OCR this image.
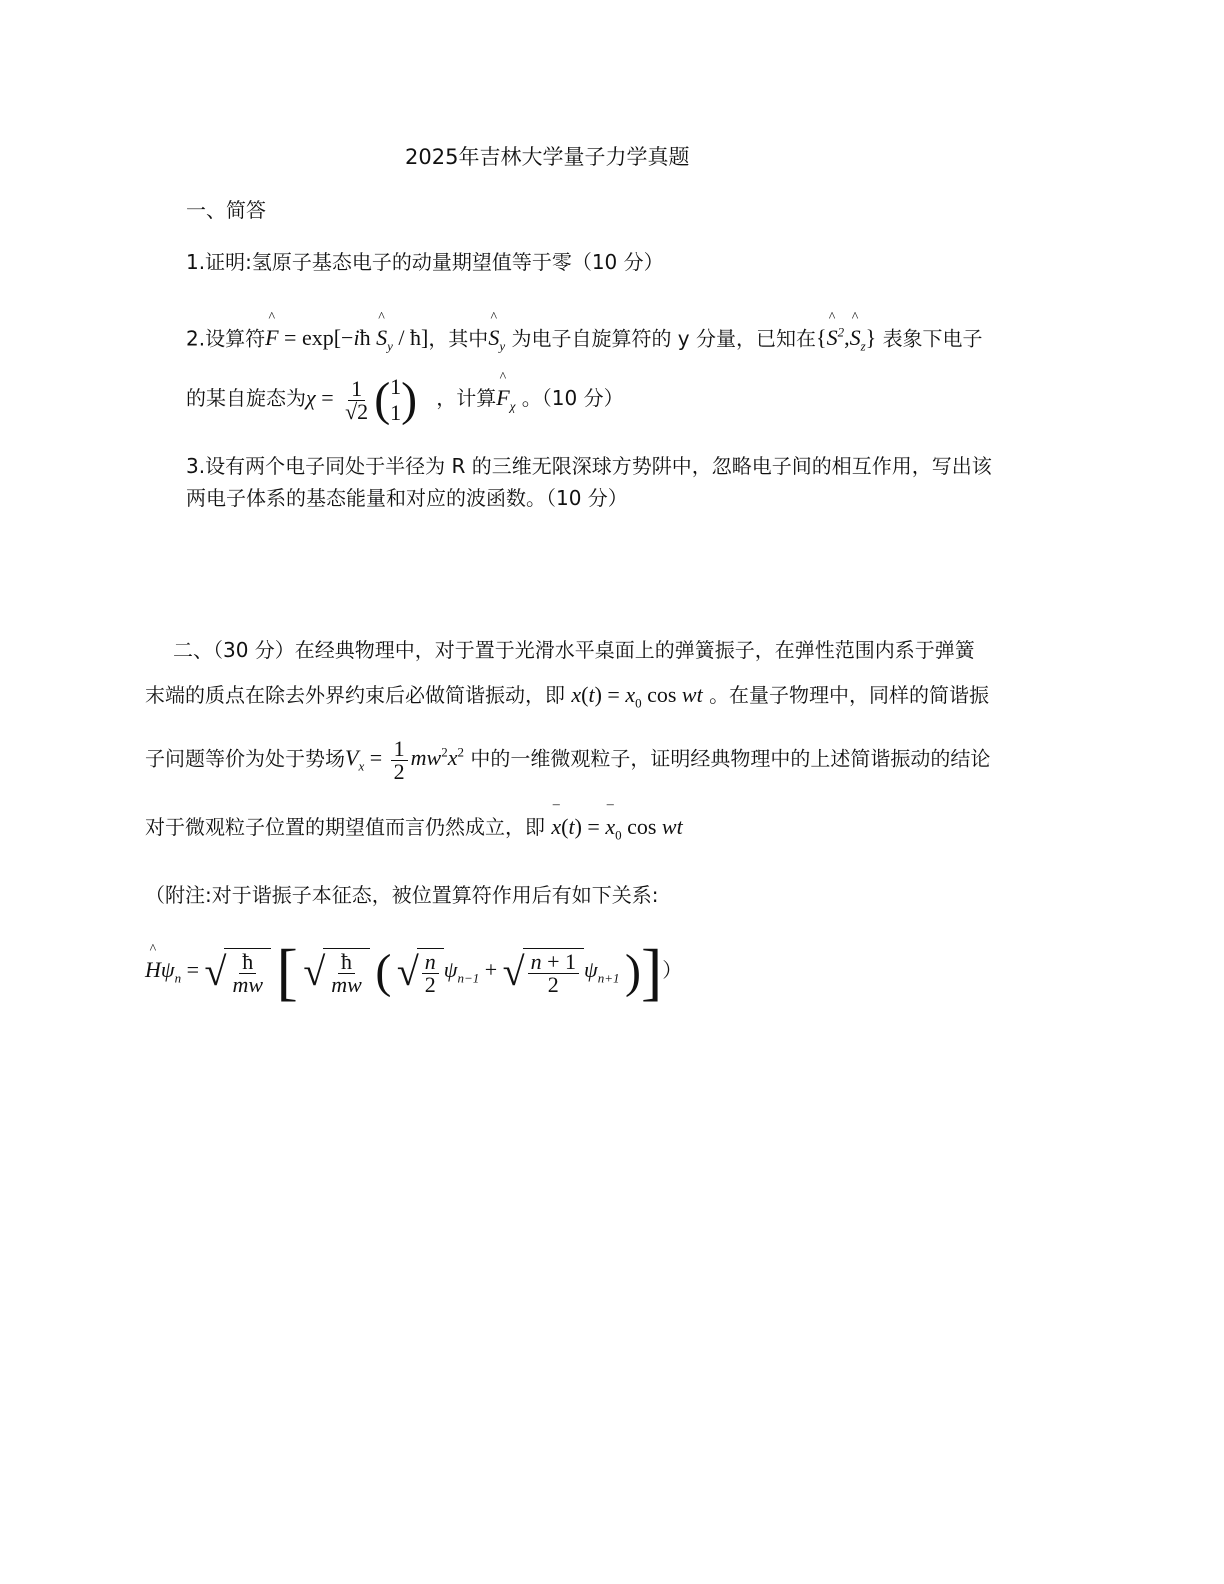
2025年吉林大学量子力学真题
一、简答
1.证明:氢原子基态电子的动量期望值等于零（10 分）
2.设算符^ F = exp[−iħ ^ $S_y$ / ħ]，其中^ $S_y$ 为电子自旋算符的 y 分量，已知在{^ $S^2,\^{}$ $S_z$} 表象下电子
的某自旋态为$\chi = \frac{1}{√2}$ ( 1
1 ) ，计算^ $F_\chi$ 。（10 分）
3.设有两个电子同处于半径为 R 的三维无限深球方势阱中，忽略电子间的相互作用，写出该
两电子体系的基态能量和对应的波函数。（10 分）
二、（30 分）在经典物理中，对于置于光滑水平桌面上的弹簧振子，在弹性范围内系于弹簧
末端的质点在除去外界约束后必做简谐振动，即 $x(t) = x_0$ cos wt 。在量子物理中，同样的简谐振
子问题等价为处于势场$V_x = \frac{1}{2} mw^2x^2$ 中的一维微观粒子，证明经典物理中的上述简谐振动的结论
对于微观粒子位置的期望值而言仍然成立，即 – x(t) = – $x_0$ cos wt
（附注:对于谐振子本征态，被位置算符作用后有如下关系:
^ $H\psi_n$ = √ $\frac{ħ}{mw}$ [ √ $\frac{ħ}{mw}$ ( √ $\frac{n}{2} \psi_{n-1}$ + √ $\frac{n + 1}{2} \psi_{n+1}$ )]）
